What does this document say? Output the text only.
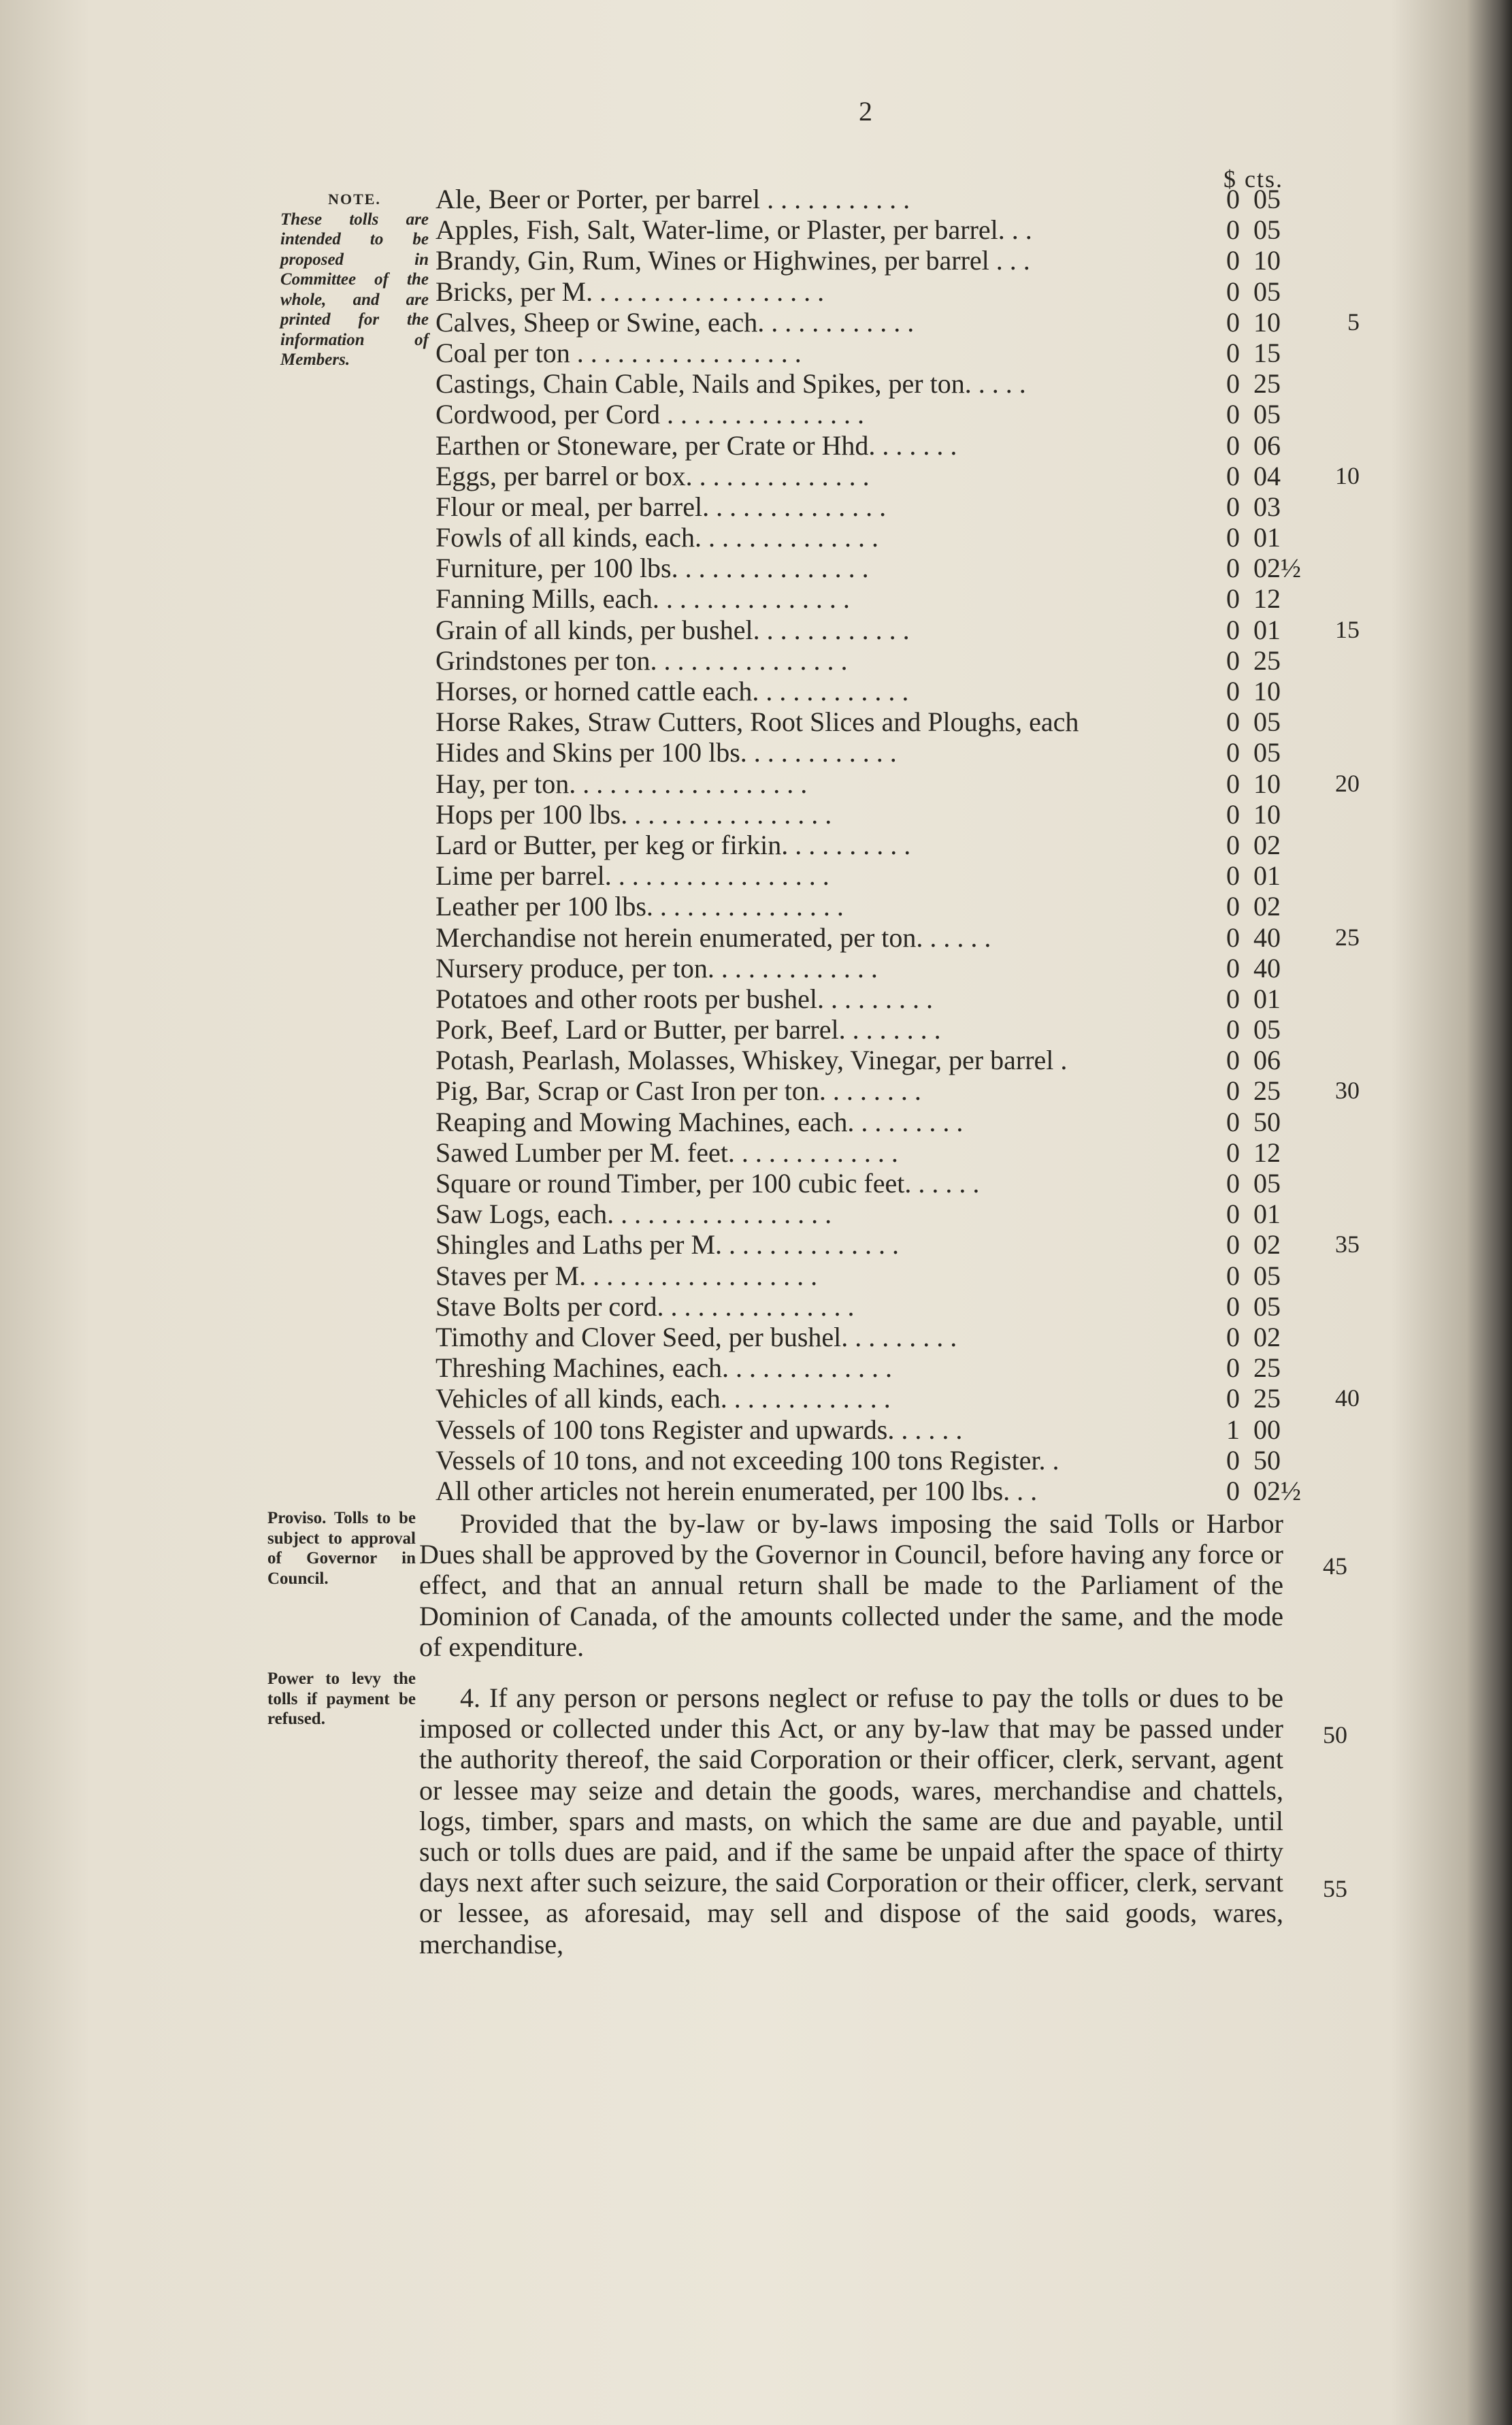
2
$ cts.
NOTE.
These tolls are intended to be proposed in Committee of the whole, and are printed for the information of Members.
Ale, Beer or Porter, per barrel . . . . . . . . . . .	0 05
Apples, Fish, Salt, Water-lime, or Plaster, per barrel. . .	0 05
Brandy, Gin, Rum, Wines or Highwines, per barrel . . .	0 10
Bricks, per M. . . . . . . . . . . . . . . . . .	0 05
Calves, Sheep or Swine, each. . . . . . . . . . . .	0 10	5
Coal per ton . . . . . . . . . . . . . . . . .	0 15
Castings, Chain Cable, Nails and Spikes, per ton. . . . .	0 25
Cordwood, per Cord . . . . . . . . . . . . . . .	0 05
Earthen or Stoneware, per Crate or Hhd. . . . . . .	0 06
Eggs, per barrel or box. . . . . . . . . . . . . .	0 04	10
Flour or meal, per barrel. . . . . . . . . . . . . .	0 03
Fowls of all kinds, each. . . . . . . . . . . . . .	0 01
Furniture, per 100 lbs. . . . . . . . . . . . . . .	0 02½
Fanning Mills, each. . . . . . . . . . . . . . .	0 12
Grain of all kinds, per bushel. . . . . . . . . . . .	0 01	15
Grindstones per ton. . . . . . . . . . . . . . .	0 25
Horses, or horned cattle each. . . . . . . . . . . .	0 10
Horse Rakes, Straw Cutters, Root Slices and Ploughs, each	0 05
Hides and Skins per 100 lbs. . . . . . . . . . . .	0 05
Hay, per ton. . . . . . . . . . . . . . . . . .	0 10	20
Hops per 100 lbs. . . . . . . . . . . . . . . .	0 10
Lard or Butter, per keg or firkin. . . . . . . . . .	0 02
Lime per barrel. . . . . . . . . . . . . . . . .	0 01
Leather per 100 lbs. . . . . . . . . . . . . . .	0 02
Merchandise not herein enumerated, per ton. . . . . .	0 40	25
Nursery produce, per ton. . . . . . . . . . . . .	0 40
Potatoes and other roots per bushel. . . . . . . . .	0 01
Pork, Beef, Lard or Butter, per barrel. . . . . . . .	0 05
Potash, Pearlash, Molasses, Whiskey, Vinegar, per barrel .	0 06
Pig, Bar, Scrap or Cast Iron per ton. . . . . . . .	0 25	30
Reaping and Mowing Machines, each. . . . . . . . .	0 50
Sawed Lumber per M. feet. . . . . . . . . . . . .	0 12
Square or round Timber, per 100 cubic feet. . . . . .	0 05
Saw Logs, each. . . . . . . . . . . . . . . . .	0 01
Shingles and Laths per M. . . . . . . . . . . . . .	0 02	35
Staves per M. . . . . . . . . . . . . . . . . .	0 05
Stave Bolts per cord. . . . . . . . . . . . . . .	0 05
Timothy and Clover Seed, per bushel. . . . . . . . .	0 02
Threshing Machines, each. . . . . . . . . . . . .	0 25
Vehicles of all kinds, each. . . . . . . . . . . . .	0 25	40
Vessels of 100 tons Register and upwards. . . . . .	1 00
Vessels of 10 tons, and not exceeding 100 tons Register. .	0 50
All other articles not herein enumerated, per 100 lbs. . .	0 02½
Proviso. Tolls to be subject to approval of Governor in Council.

Provided that the by-law or by-laws imposing the said Tolls or Harbor Dues shall be approved by the Governor in Council, before having any force or effect, and that an annual return shall be made to the Parliament of the Dominion of Canada, of the amounts collected under the same, and the mode of expenditure.

45
Power to levy the tolls if payment be refused.

4. If any person or persons neglect or refuse to pay the tolls or dues to be imposed or collected under this Act, or any by-law that may be passed under the authority thereof, the said Corporation or their officer, clerk, servant, agent or lessee may seize and detain the goods, wares, merchandise and chattels, logs, timber, spars and masts, on which the same are due and payable, until such or tolls dues are paid, and if the same be unpaid after the space of thirty days next after such seizure, the said Corporation or their officer, clerk, servant or lessee, as aforesaid, may sell and dispose of the said goods, wares, merchandise,

50
55
